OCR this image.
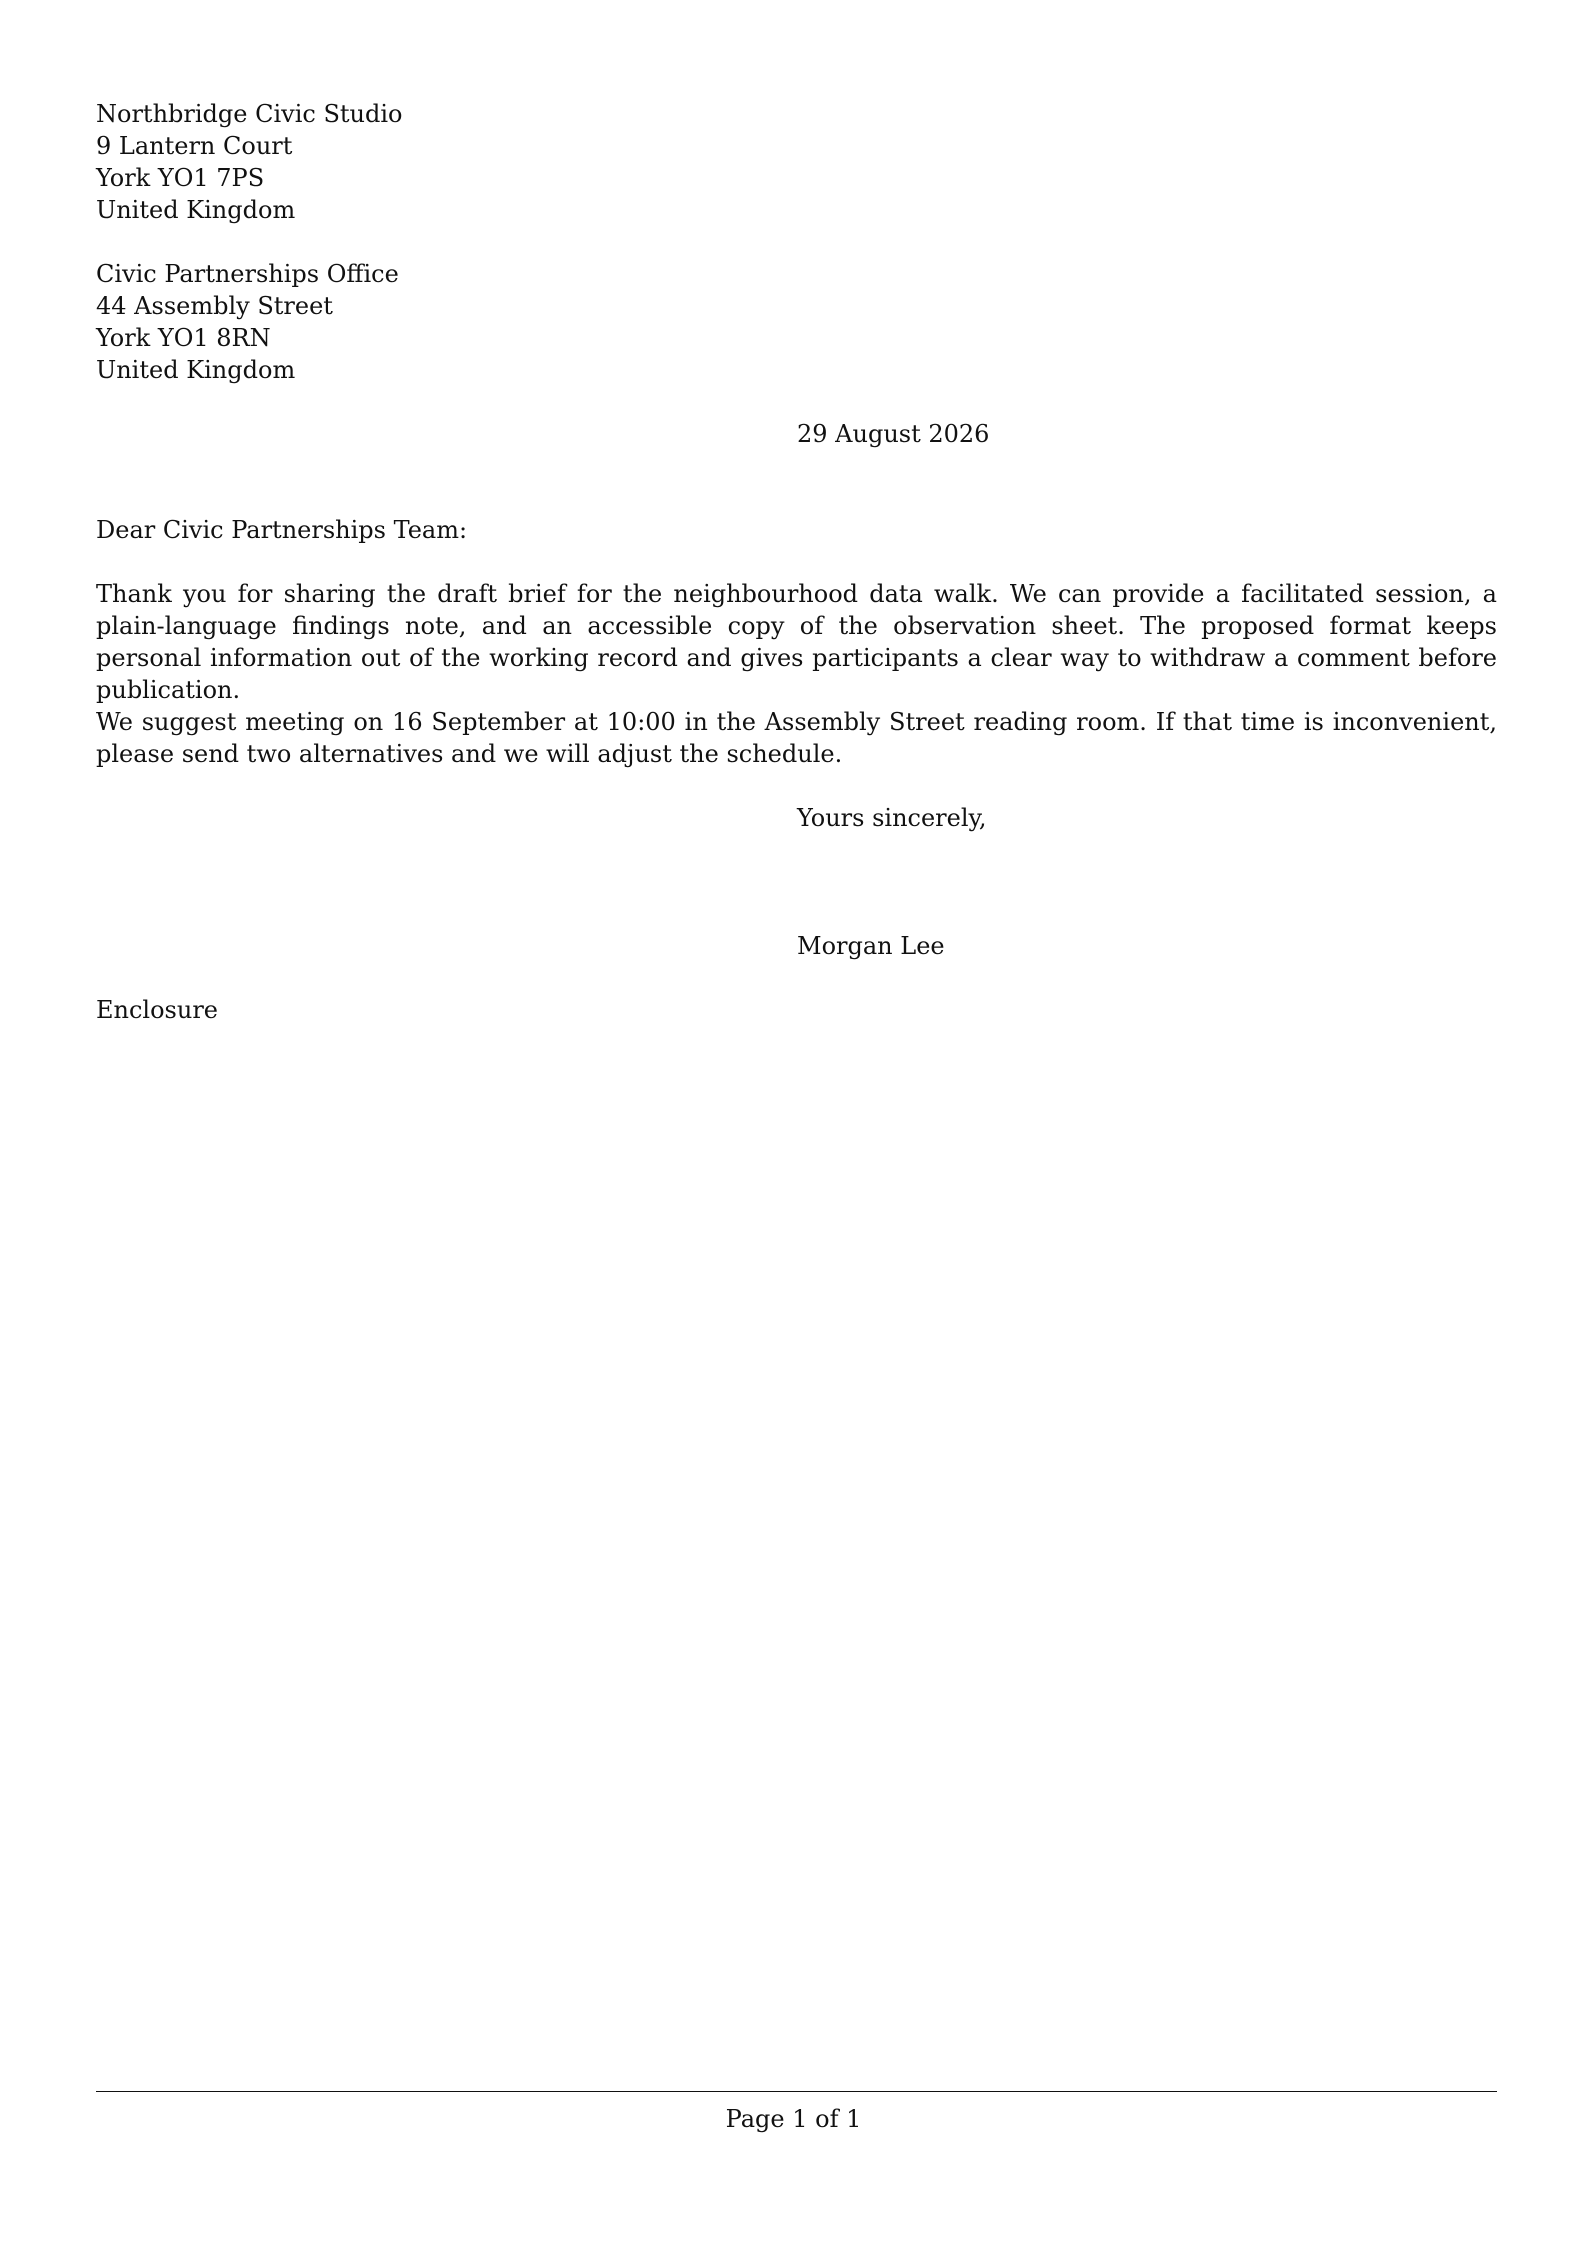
Northbridge Civic Studio
9 Lantern Court
York YO1 7PS
United Kingdom
Civic Partnerships Office
44 Assembly Street
York YO1 8RN
United Kingdom
29 August 2026
Dear Civic Partnerships Team:

Thank you for sharing the draft brief for the neighbourhood data walk. We can provide a facilitated session, a plain-language findings note, and an accessible copy of the observation sheet. The proposed format keeps personal information out of the working record and gives participants a clear way to withdraw a comment before publication.

We suggest meeting on 16 September at 10:00 in the Assembly Street reading room. If that time is inconvenient, please send two alternatives and we will adjust the schedule.

Yours sincerely,
Morgan Lee
Enclosure
Page 1 of 1
